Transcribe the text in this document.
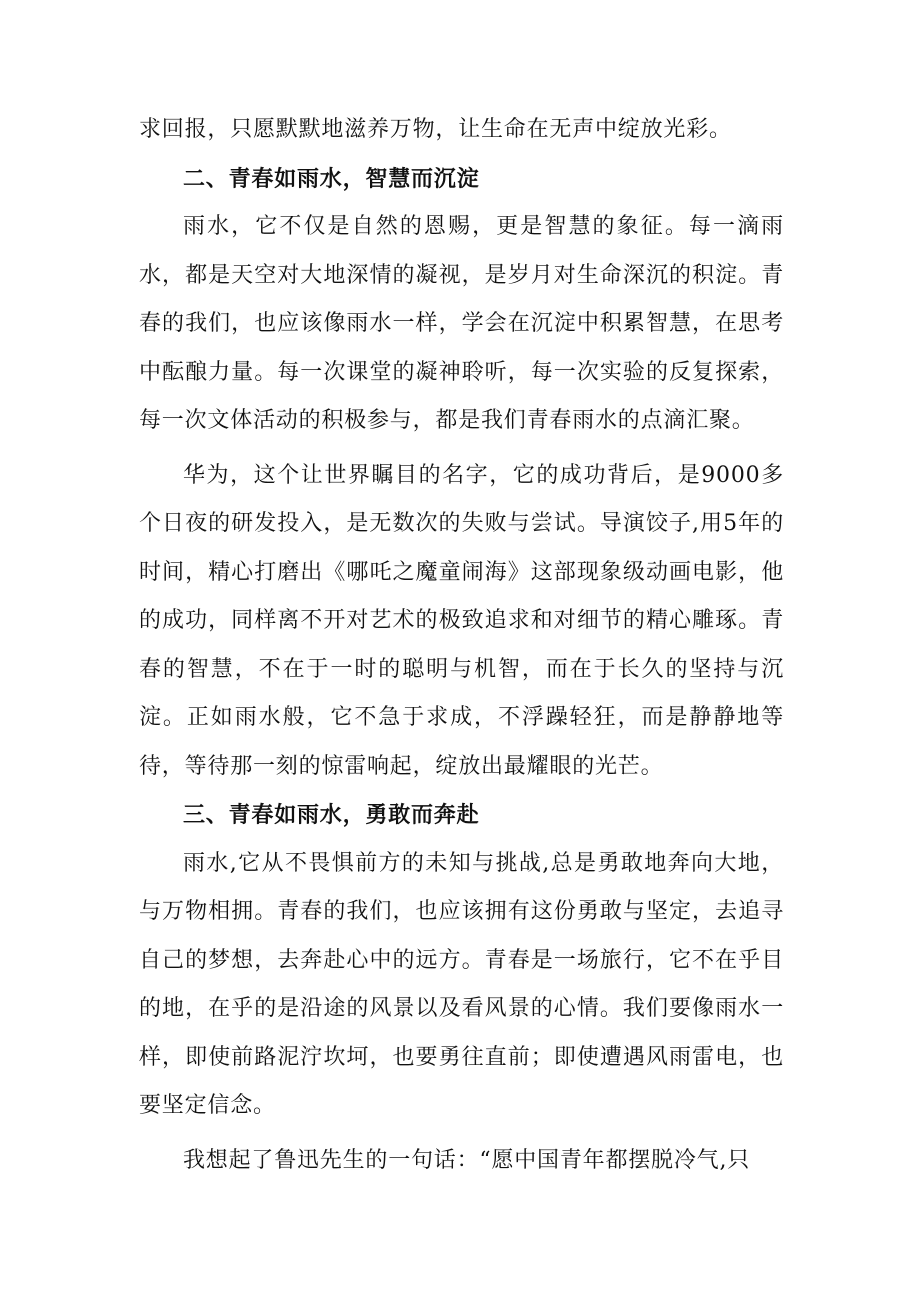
求回报，只愿默默地滋养万物，让生命在无声中绽放光彩。

二、青春如雨水，智慧而沉淀

雨水，它不仅是自然的恩赐，更是智慧的象征。每一滴雨水，都是天空对大地深情的凝视，是岁月对生命深沉的积淀。青春的我们，也应该像雨水一样，学会在沉淀中积累智慧，在思考中酝酿力量。每一次课堂的凝神聆听，每一次实验的反复探索，每一次文体活动的积极参与，都是我们青春雨水的点滴汇聚。

华为，这个让世界瞩目的名字，它的成功背后，是9000多个日夜的研发投入，是无数次的失败与尝试。导演饺子,用5年的时间，精心打磨出《哪吒之魔童闹海》这部现象级动画电影，他的成功，同样离不开对艺术的极致追求和对细节的精心雕琢。青春的智慧，不在于一时的聪明与机智，而在于长久的坚持与沉淀。正如雨水般，它不急于求成，不浮躁轻狂，而是静静地等待，等待那一刻的惊雷响起，绽放出最耀眼的光芒。

三、青春如雨水，勇敢而奔赴

雨水,它从不畏惧前方的未知与挑战,总是勇敢地奔向大地，与万物相拥。青春的我们，也应该拥有这份勇敢与坚定，去追寻自己的梦想，去奔赴心中的远方。青春是一场旅行，它不在乎目的地，在乎的是沿途的风景以及看风景的心情。我们要像雨水一样，即使前路泥泞坎坷，也要勇往直前；即使遭遇风雨雷电，也要坚定信念。

我想起了鲁迅先生的一句话：“愿中国青年都摆脱冷气,只
